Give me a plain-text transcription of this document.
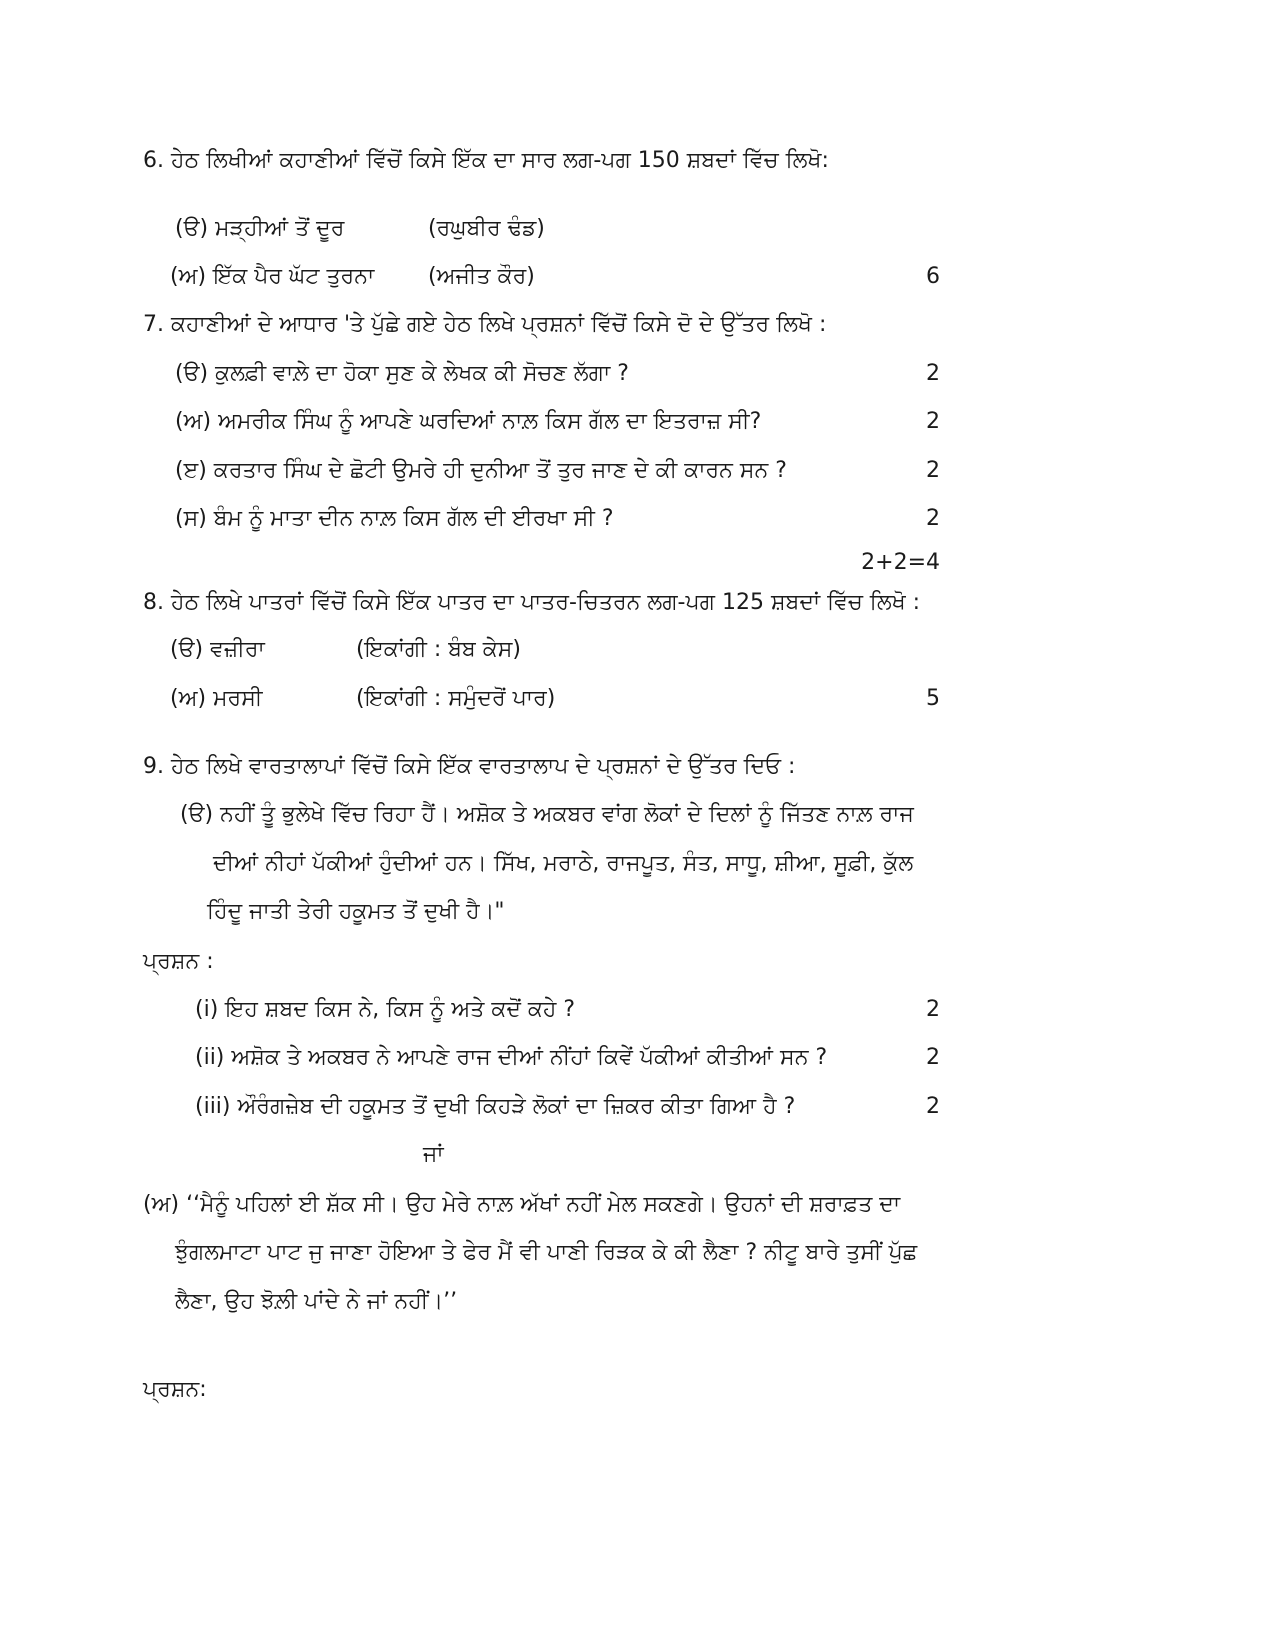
6. ਹੇਠ ਲਿਖੀਆਂ ਕਹਾਣੀਆਂ ਵਿੱਚੋਂ ਕਿਸੇ ਇੱਕ ਦਾ ਸਾਰ ਲਗ-ਪਗ 150 ਸ਼ਬਦਾਂ ਵਿੱਚ ਲਿਖੋ:
(ੳ) ਮੜ੍ਹੀਆਂ ਤੋਂ ਦੂਰ	(ਰਘੁਬੀਰ ਢੰਡ)
(ਅ) ਇੱਕ ਪੈਰ ਘੱਟ ਤੁਰਨਾ (ਅਜੀਤ ਕੌਰ)	6
7. ਕਹਾਣੀਆਂ ਦੇ ਆਧਾਰ 'ਤੇ ਪੁੱਛੇ ਗਏ ਹੇਠ ਲਿਖੇ ਪ੍ਰਸ਼ਨਾਂ ਵਿੱਚੋਂ ਕਿਸੇ ਦੋ ਦੇ ਉੱਤਰ ਲਿਖੋ :
(ੳ) ਕੁਲਫ਼ੀ ਵਾਲ਼ੇ ਦਾ ਹੋਕਾ ਸੁਣ ਕੇ ਲੇਖਕ ਕੀ ਸੋਚਣ ਲੱਗਾ ?	2
(ਅ) ਅਮਰੀਕ ਸਿੰਘ ਨੂੰ ਆਪਣੇ ਘਰਦਿਆਂ ਨਾਲ਼ ਕਿਸ ਗੱਲ ਦਾ ਇਤਰਾਜ਼ ਸੀ?	2
(ੲ) ਕਰਤਾਰ ਸਿੰਘ ਦੇ ਛੋਟੀ ਉਮਰੇ ਹੀ ਦੁਨੀਆ ਤੋਂ ਤੁਰ ਜਾਣ ਦੇ ਕੀ ਕਾਰਨ ਸਨ ?	2
(ਸ) ਬੰਮ ਨੂੰ ਮਾਤਾ ਦੀਨ ਨਾਲ਼ ਕਿਸ ਗੱਲ ਦੀ ਈਰਖਾ ਸੀ ?	2
2+2=4
8. ਹੇਠ ਲਿਖੇ ਪਾਤਰਾਂ ਵਿੱਚੋਂ ਕਿਸੇ ਇੱਕ ਪਾਤਰ ਦਾ ਪਾਤਰ-ਚਿਤਰਨ ਲਗ-ਪਗ 125 ਸ਼ਬਦਾਂ ਵਿੱਚ ਲਿਖੋ :
(ੳ) ਵਜ਼ੀਰਾ	(ਇਕਾਂਗੀ : ਬੰਬ ਕੇਸ)
(ਅ) ਮਰਸੀ	(ਇਕਾਂਗੀ : ਸਮੁੰਦਰੋਂ ਪਾਰ)	5
9. ਹੇਠ ਲਿਖੇ ਵਾਰਤਾਲਾਪਾਂ ਵਿੱਚੋਂ ਕਿਸੇ ਇੱਕ ਵਾਰਤਾਲਾਪ ਦੇ ਪ੍ਰਸ਼ਨਾਂ ਦੇ ਉੱਤਰ ਦਿਓ :
(ੳ) ਨਹੀਂ ਤੂੰ ਭੁਲੇਖੇ ਵਿੱਚ ਰਿਹਾ ਹੈਂ। ਅਸ਼ੋਕ ਤੇ ਅਕਬਰ ਵਾਂਗ ਲੋਕਾਂ ਦੇ ਦਿਲਾਂ ਨੂੰ ਜਿੱਤਣ ਨਾਲ਼ ਰਾਜ
ਦੀਆਂ ਨੀਹਾਂ ਪੱਕੀਆਂ ਹੁੰਦੀਆਂ ਹਨ। ਸਿੱਖ, ਮਰਾਠੇ, ਰਾਜਪੂਤ, ਸੰਤ, ਸਾਧੂ, ਸ਼ੀਆ, ਸੂਫ਼ੀ, ਕੁੱਲ
ਹਿੰਦੂ ਜਾਤੀ ਤੇਰੀ ਹਕੂਮਤ ਤੋਂ ਦੁਖੀ ਹੈ।"
ਪ੍ਰਸ਼ਨ :
(i) ਇਹ ਸ਼ਬਦ ਕਿਸ ਨੇ, ਕਿਸ ਨੂੰ ਅਤੇ ਕਦੋਂ ਕਹੇ ?	2
(ii) ਅਸ਼ੋਕ ਤੇ ਅਕਬਰ ਨੇ ਆਪਣੇ ਰਾਜ ਦੀਆਂ ਨੀਂਹਾਂ ਕਿਵੇਂ ਪੱਕੀਆਂ ਕੀਤੀਆਂ ਸਨ ?	2
(iii) ਔਰੰਗਜ਼ੇਬ ਦੀ ਹਕੂਮਤ ਤੋਂ ਦੁਖੀ ਕਿਹੜੇ ਲੋਕਾਂ ਦਾ ਜ਼ਿਕਰ ਕੀਤਾ ਗਿਆ ਹੈ ?	2
ਜਾਂ
(ਅ) ‘‘ਮੈਨੂੰ ਪਹਿਲਾਂ ਈ ਸ਼ੱਕ ਸੀ। ਉਹ ਮੇਰੇ ਨਾਲ਼ ਅੱਖਾਂ ਨਹੀਂ ਮੇਲ ਸਕਣਗੇ। ਉਹਨਾਂ ਦੀ ਸ਼ਰਾਫ਼ਤ ਦਾ
ਝੁੰਗਲਮਾਟਾ ਪਾਟ ਜੁ ਜਾਣਾ ਹੋਇਆ ਤੇ ਫੇਰ ਮੈਂ ਵੀ ਪਾਣੀ ਰਿੜਕ ਕੇ ਕੀ ਲੈਣਾ ? ਨੀਟੂ ਬਾਰੇ ਤੁਸੀਂ ਪੁੱਛ
ਲੈਣਾ, ਉਹ ਝੋਲ਼ੀ ਪਾਂਦੇ ਨੇ ਜਾਂ ਨਹੀਂ।’’
ਪ੍ਰਸ਼ਨ:
